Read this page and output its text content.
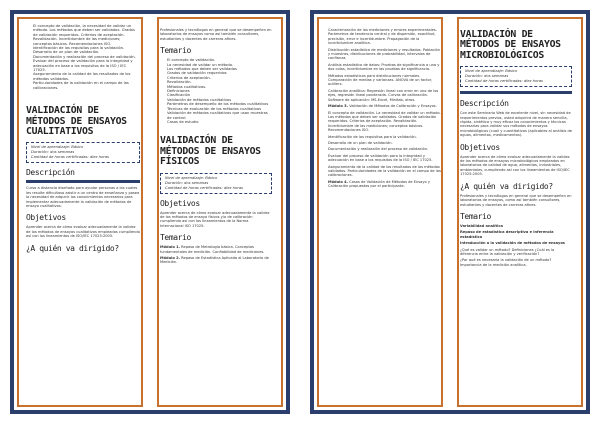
• El concepto de validación, la necesidad de validar un método. Los métodos que deben ser validados. Grados de validación requeridos. Criterios de aceptación. Revalidación. Incertidumbre de las mediciones; conceptos básicos. Recomendaciones ISO.
• Identificación de los requisitos para la validación.
• Desarrollo de un plan de validación.
• Documentación y realización del proceso de validación.
• Evaluar del proceso de validación para la integridad y adecuación en base a los requisitos de la ISO / IEC 17025.
• Aseguramiento de la calidad de los resultados de los métodos validados.
• Particularidades de la validación en el campo de las calibraciones.
VALIDACIÓN DE MÉTODOS DE ENSAYOS CUALITATIVOS
Nivel de aprendizaje: Básico
Duración: dos semanas
Cantidad de horas certificadas: diez horas
Descripción

Curso a distancia diseñado para ayudar personas a los cuales les resulte dificultoso asistir a un centro de enseñanza y posea la necesidad de adquirir los conocimientos necesarios para implementar adecuadamente la validación de métodos de ensayo cualitativos.

Objetivos

Aprender acerca de cómo evaluar adecuadamente la validez de los métodos de ensayos cualitativos empleados cumpliendo así con los lineamientos de ISO/IEC 17025:2005.

¿A quién va dirigido?

Profesionales y tecnólogos en general que se desempeñen en laboratorios de ensayos como así también consultores, estudiantes y docentes de carreras afines.

Temario
• El concepto de validación.
• La necesidad de validar un método.
• Los métodos que deben ser validados
• Grados de validación requeridos
• Criterios de aceptación.
• Revalidación.
• Métodos cualitativos.
• Definiciones
• Clasificación
• Validación de métodos cualitativos
• Parámetros de desempeño de los métodos cualitativos
• Técnicas de evaluación de los métodos cualitativos
• Validación de métodos cualitativos que usan muestras de control
• Casos de estudio
VALIDACIÓN DE MÉTODOS DE ENSAYOS FÍSICOS
Nivel de aprendizaje: Básico
Duración: dos semanas
Cantidad de horas certificadas: diez horas
Objetivos

Aprender acerca de cómo evaluar adecuadamente la validez de los métodos de ensayo físicos y/o de calibración cumpliendo así con los lineamientos de la Norma Internacional ISO 17025.

Temario

Módulo 1. Repaso de Metrología básica. Conceptos fundamentales de medición. Confiabilidad de mediciones.

Módulo 2. Repaso de Estadística Aplicada al Laboratorio de Medición.

Caracterización de las mediciones y errores experimentales. Parámetros de tendencia central y de dispersión, exactitud, precisión, error e incertidumbre. Propagación de la incertidumbre analítica.

Distribución estadística de mediciones y resultados. Población y muestras, distribuciones de probabilidad, intervalos de confianza.

Análisis estadístico de datos: Pruebas de significancia a una y dos colas, incertidumbre en las pruebas de significancia.

Métodos estadísticos para distribuciones normales. Comparación de medias y varianzas. ANOVA de un factor, outliers.

Calibración analítica: Regresión lineal con error en uno de los ejes, regresión lineal ponderada. Curvas de calibración. Software de aplicación: MS-Excel, Minitab, otros.

Módulo 3. Validación de Métodos de Calibración y Ensayos.

El concepto de validación. La necesidad de validar un método. Los métodos que deben ser validados. Grados de validación requeridos. Criterios de aceptación. Revalidación. Incertidumbre de las mediciones; conceptos básicos. Recomendaciones ISO.

Identificación de los requisitos para la validación.

Desarrollo de un plan de validación.

Documentación y realización del proceso de validación.

Evaluar del proceso de validación para la integridad y adecuación en base a los requisitos de la ISO / IEC 17025.

Aseguramiento de la calidad de los resultados de los métodos validados. Particularidades de la validación en el campo de las calibraciones.

Módulo 4. Casos de Validación de Métodos de Ensayo y Calibración propuestos por el participante.

VALIDACIÓN DE MÉTODOS DE ENSAYOS MICROBIOLÓGICOS
Nivel de aprendizaje: Básico
Duración: dos semanas
Cantidad de horas certificadas: diez horas
Descripción

Con este Seminario Web de excelente nivel, sin necesidad de requerimientos previos, usted adquirirá de manera sencilla, rápida, sintética y muy eficaz los conocimientos y técnicas necesarias para validar sus métodos de ensayos microbiológicos (cuali y cuantitativos (aplicables al análisis de aguas, alimentos, medicamentos).

Objetivos

Aprender acerca de cómo evaluar adecuadamente la validez de los métodos de ensayos microbiológicos empleados en laboratorios de calidad de agua, alimentos, industriales, ambientales, cumpliendo así con los lineamientos de ISO/IEC 17025:2005.

¿A quién va dirigido?

Profesionales y tecnólogos en general que se desempeñen en laboratorios de ensayos, como así también consultores, estudiantes y docentes de carreras afines.

Temario

Variabilidad analítica

Repaso de estadística descriptiva e inferencia estadística

Introducción a la validación de métodos de ensayos

¿Qué es validar un método? Definiciones ¿Cuál es la diferencia entre la validación y verificación?

¿Por qué es necesaria la validación de un método? Importancia de la medición analítica.
